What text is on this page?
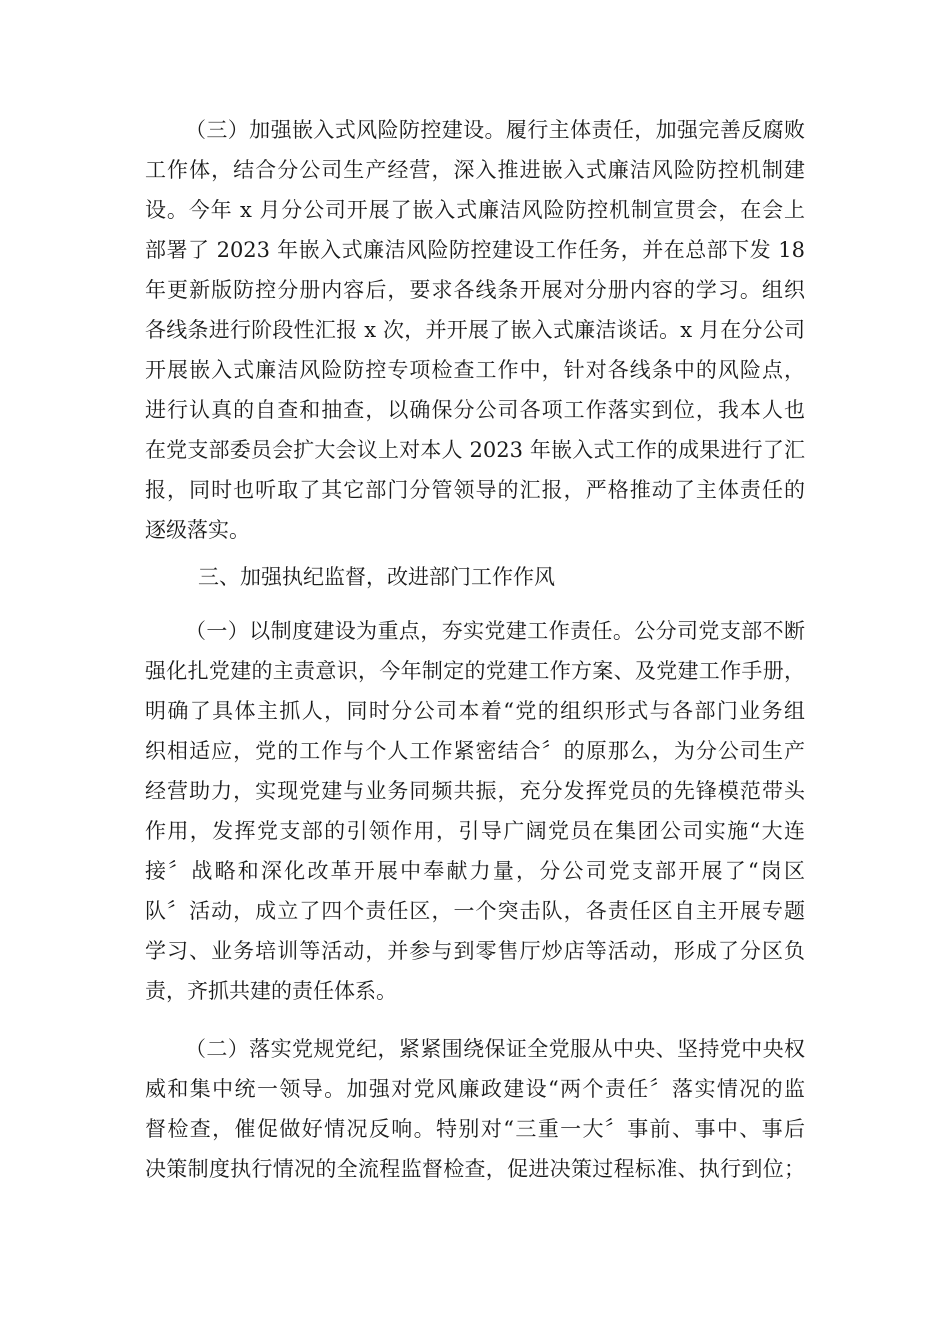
（三）加强嵌入式风险防控建设。履行主体责任，加强完善反腐败
工作体，结合分公司生产经营，深入推进嵌入式廉洁风险防控机制建
设。今年 x 月分公司开展了嵌入式廉洁风险防控机制宣贯会，在会上
部署了 2023 年嵌入式廉洁风险防控建设工作任务，并在总部下发 18
年更新版防控分册内容后，要求各线条开展对分册内容的学习。组织
各线条进行阶段性汇报 x 次，并开展了嵌入式廉洁谈话。x 月在分公司
开展嵌入式廉洁风险防控专项检查工作中，针对各线条中的风险点，
进行认真的自查和抽查，以确保分公司各项工作落实到位，我本人也
在党支部委员会扩大会议上对本人 2023 年嵌入式工作的成果进行了汇
报，同时也听取了其它部门分管领导的汇报，严格推动了主体责任的
逐级落实。
三、加强执纪监督，改进部门工作作风
（一）以制度建设为重点，夯实党建工作责任。公分司党支部不断
强化扎党建的主责意识，今年制定的党建工作方案、及党建工作手册，
明确了具体主抓人，同时分公司本着“党的组织形式与各部门业务组
织相适应，党的工作与个人工作紧密结合〞的原那么，为分公司生产
经营助力，实现党建与业务同频共振，充分发挥党员的先锋模范带头
作用，发挥党支部的引领作用，引导广阔党员在集团公司实施“大连
接〞战略和深化改革开展中奉献力量，分公司党支部开展了“岗区
队〞活动，成立了四个责任区，一个突击队，各责任区自主开展专题
学习、业务培训等活动，并参与到零售厅炒店等活动，形成了分区负
责，齐抓共建的责任体系。
（二）落实党规党纪，紧紧围绕保证全党服从中央、坚持党中央权
威和集中统一领导。加强对党风廉政建设“两个责任〞落实情况的监
督检查，催促做好情况反响。特别对“三重一大〞事前、事中、事后
决策制度执行情况的全流程监督检查，促进决策过程标准、执行到位；
